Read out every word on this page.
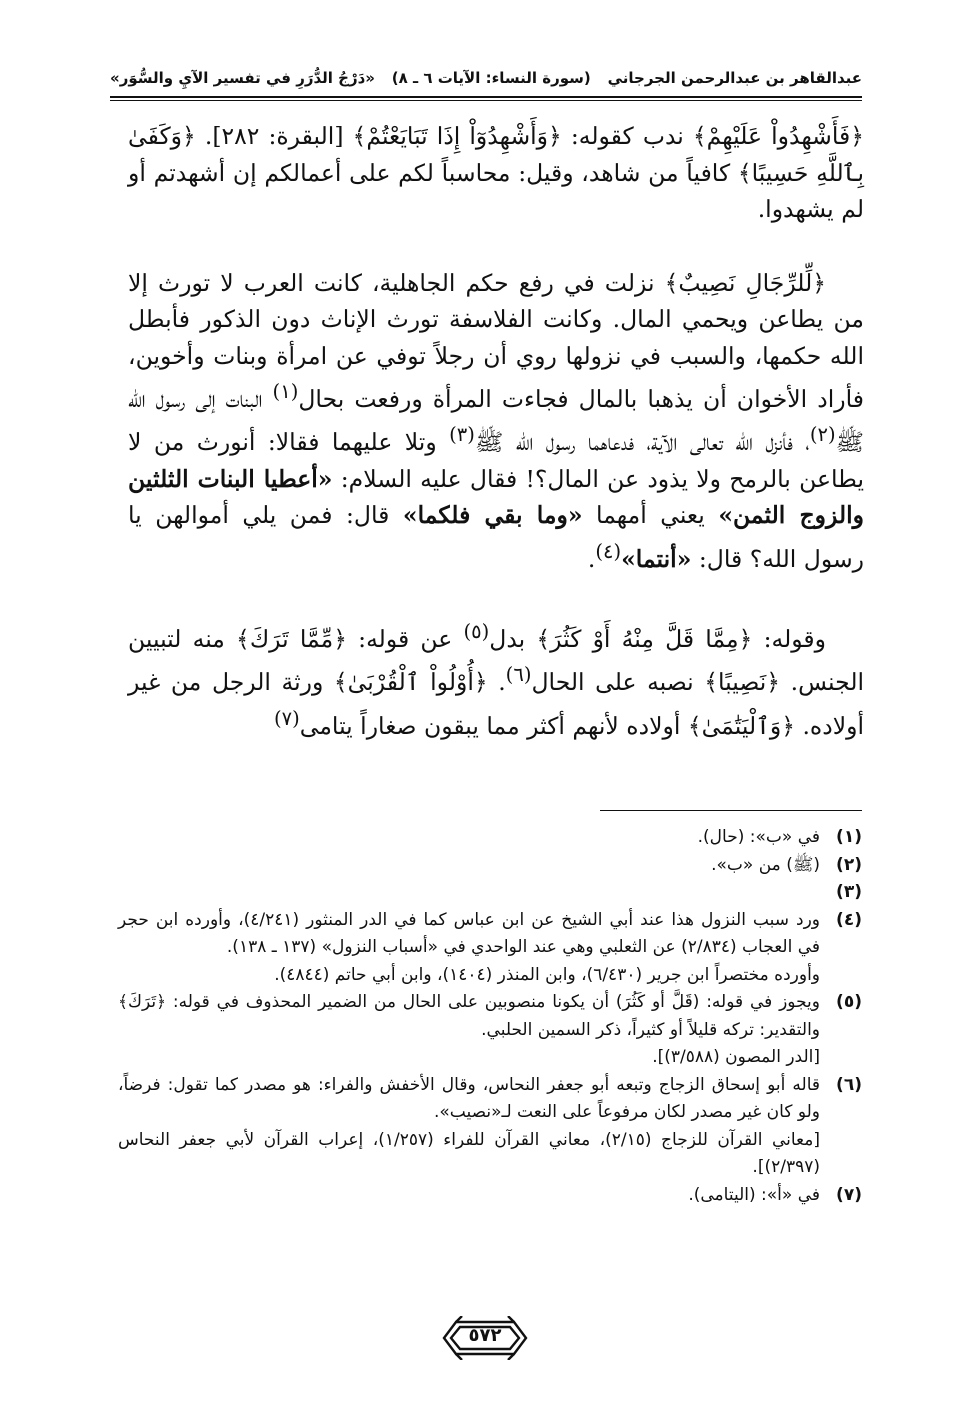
عبدالقاهر بن عبدالرحمن الجرجاني
(سورة النساء: الآيات ٦ ـ ٨)
«دَرْجُ الدُّرَرِ في تفسير الآيِ والسُّوَر»

﴿فَأَشْهِدُواْ عَلَيْهِمْ﴾ ندب كقوله: ﴿وَأَشْهِدُوٓاْ إِذَا تَبَايَعْتُمْ﴾ [البقرة: ٢٨٢]. ﴿وَكَفَىٰ بِٱللَّهِ حَسِيبًا﴾ كافياً من شاهد، وقيل: محاسباً لكم على أعمالكم إن أشهدتم أو لم يشهدوا.

﴿لِّلرِّجَالِ نَصِيبٌ﴾ نزلت في رفع حكم الجاهلية، كانت العرب لا تورث إلا من يطاعن ويحمي المال. وكانت الفلاسفة تورث الإناث دون الذكور فأبطل الله حكمها، والسبب في نزولها روي أن رجلاً توفي عن امرأة وبنات وأخوين، فأراد الأخوان أن يذهبا بالمال فجاءت المرأة ورفعت بحال$^{(١)}$ البنات إلى رسول الله ﷺ$^{(٢)}$، فأنزل الله تعالى الآية، فدعاهما رسول الله ﷺ$^{(٣)}$ وتلا عليهما فقالا: أنورث من لا يطاعن بالرمح ولا يذود عن المال؟! فقال عليه السلام: «أعطيا البنات الثلثين والزوج الثمن» يعني أمهما «وما بقي فلكما» قال: فمن يلي أموالهن يا رسول الله؟ قال: «أنتما»$^{(٤)}$.

وقوله: ﴿مِمَّا قَلَّ مِنْهُ أَوْ كَثُرَ﴾ بدل$^{(٥)}$ عن قوله: ﴿مِّمَّا تَرَكَ﴾ منه لتبيين الجنس. ﴿نَصِيبًا﴾ نصبه على الحال$^{(٦)}$. ﴿أُوْلُواْ ٱلْقُرْبَىٰ﴾ ورثة الرجل من غير أولاده. ﴿وَٱلْيَتَٰمَىٰ﴾ أولاده لأنهم أكثر مما يبقون صغاراً يتامى$^{(٧)}$

(١)
في «ب»: (حال).
(٢)(٣)
(ﷺ) من «ب».
(٤)
ورد سبب النزول هذا عند أبي الشيخ عن ابن عباس كما في الدر المنثور (٤/٢٤١)، وأورده ابن حجر في العجاب (٢/٨٣٤) عن الثعلبي وهي عند الواحدي في «أسباب النزول» (١٣٧ ـ ١٣٨).
وأورده مختصراً ابن جرير (٦/٤٣٠)، وابن المنذر (١٤٠٤)، وابن أبي حاتم (٤٨٤٤).
(٥)
ويجوز في قوله: (قَلَّ أو كَثُرَ) أن يكونا منصوبين على الحال من الضمير المحذوف في قوله: ﴿تَرَكَ﴾ والتقدير: تركه قليلاً أو كثيراً، ذكر السمين الحلبي.
[الدر المصون (٣/٥٨٨)].
(٦)
قاله أبو إسحاق الزجاج وتبعه أبو جعفر النحاس، وقال الأخفش والفراء: هو مصدر كما تقول: فرضاً، ولو كان غير مصدر لكان مرفوعاً على النعت لـ«نصيب».
[معاني القرآن للزجاج (٢/١٥)، معاني القرآن للفراء (١/٢٥٧)، إعراب القرآن لأبي جعفر النحاس (٢/٣٩٧)].
(٧)
في «أ»: (اليتامى).
٥٧٢
